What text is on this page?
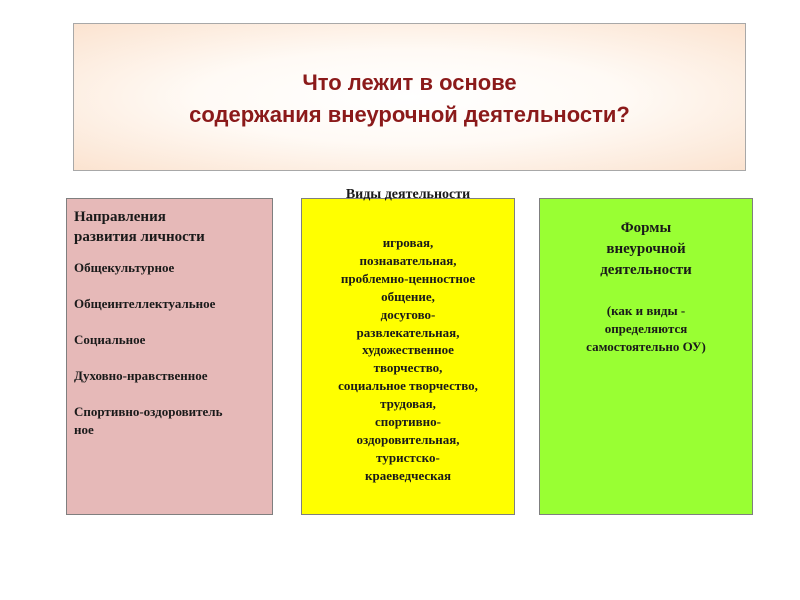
Что лежит в основе
содержания внеурочной деятельности?
Направления
развития личности
Общекультурное
Общеинтеллектуальное
Социальное
Духовно-нравственное
Спортивно-оздоровительное
Виды деятельности
игровая,
познавательная,
проблемно-ценностное
общение,
досугово-
развлекательная,
художественное
творчество,
социальное творчество,
трудовая,
спортивно-
оздоровительная,
туристско-
краеведческая
Формы
внеурочной
деятельности
(как и виды -
определяются
самостоятельно ОУ)
